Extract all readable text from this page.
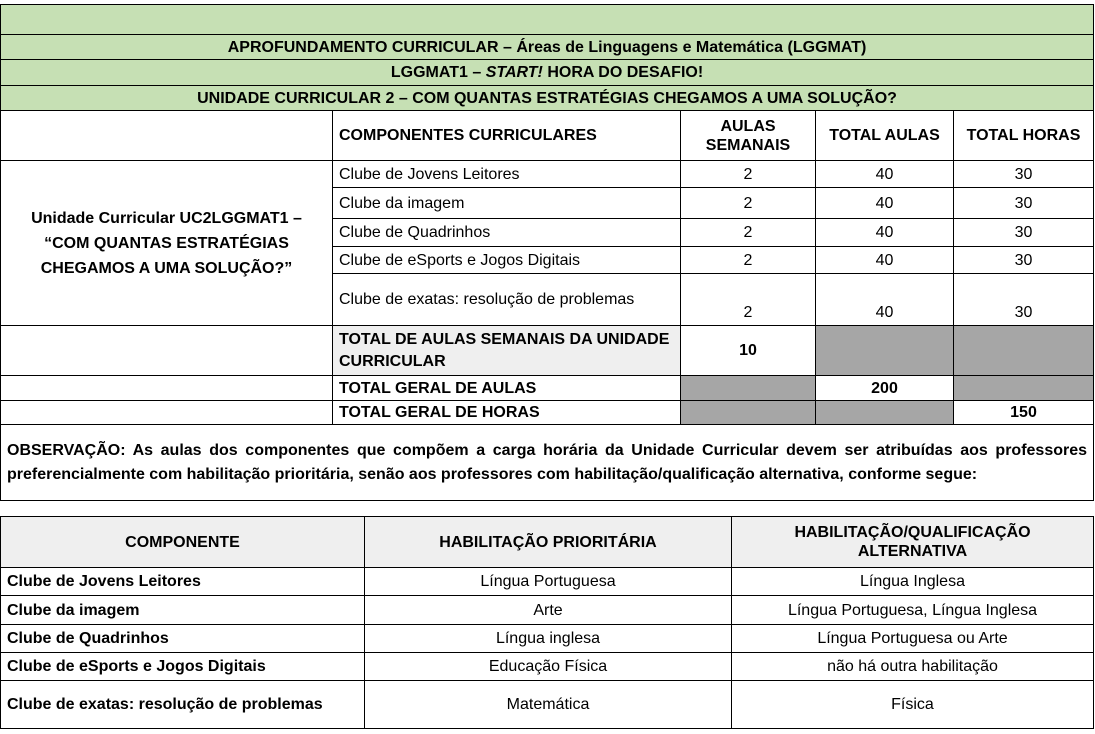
APROFUNDAMENTO CURRICULAR – Áreas de Linguagens e Matemática (LGGMAT)				
LGGMAT1 – START! HORA DO DESAFIO!				
UNIDADE CURRICULAR 2 – COM QUANTAS ESTRATÉGIAS CHEGAMOS A UMA SOLUÇÃO?				
	COMPONENTES CURRICULARES	AULAS SEMANAIS	TOTAL AULAS	TOTAL HORAS
Unidade Curricular UC2LGGMAT1 – “COM QUANTAS ESTRATÉGIAS CHEGAMOS A UMA SOLUÇÃO?”	Clube de Jovens Leitores	2	40	30
	Clube da imagem	2	40	30
	Clube de Quadrinhos	2	40	30
	Clube de eSports e Jogos Digitais	2	40	30
	Clube de exatas: resolução de problemas	2	40	30
	TOTAL DE AULAS SEMANAIS DA UNIDADE CURRICULAR	10		
	TOTAL GERAL DE AULAS		200	
	TOTAL GERAL DE HORAS			150
OBSERVAÇÃO: As aulas dos componentes que compõem a carga horária da Unidade Curricular devem ser atribuídas aos professores preferencialmente com habilitação prioritária, senão aos professores com habilitação/qualificação alternativa, conforme segue:				
COMPONENTE	HABILITAÇÃO PRIORITÁRIA	HABILITAÇÃO/QUALIFICAÇÃO ALTERNATIVA
Clube de Jovens Leitores	Língua Portuguesa	Língua Inglesa
Clube da imagem	Arte	Língua Portuguesa, Língua Inglesa
Clube de Quadrinhos	Língua inglesa	Língua Portuguesa ou Arte
Clube de eSports e Jogos Digitais	Educação Física	não há outra habilitação
Clube de exatas: resolução de problemas	Matemática	Física
